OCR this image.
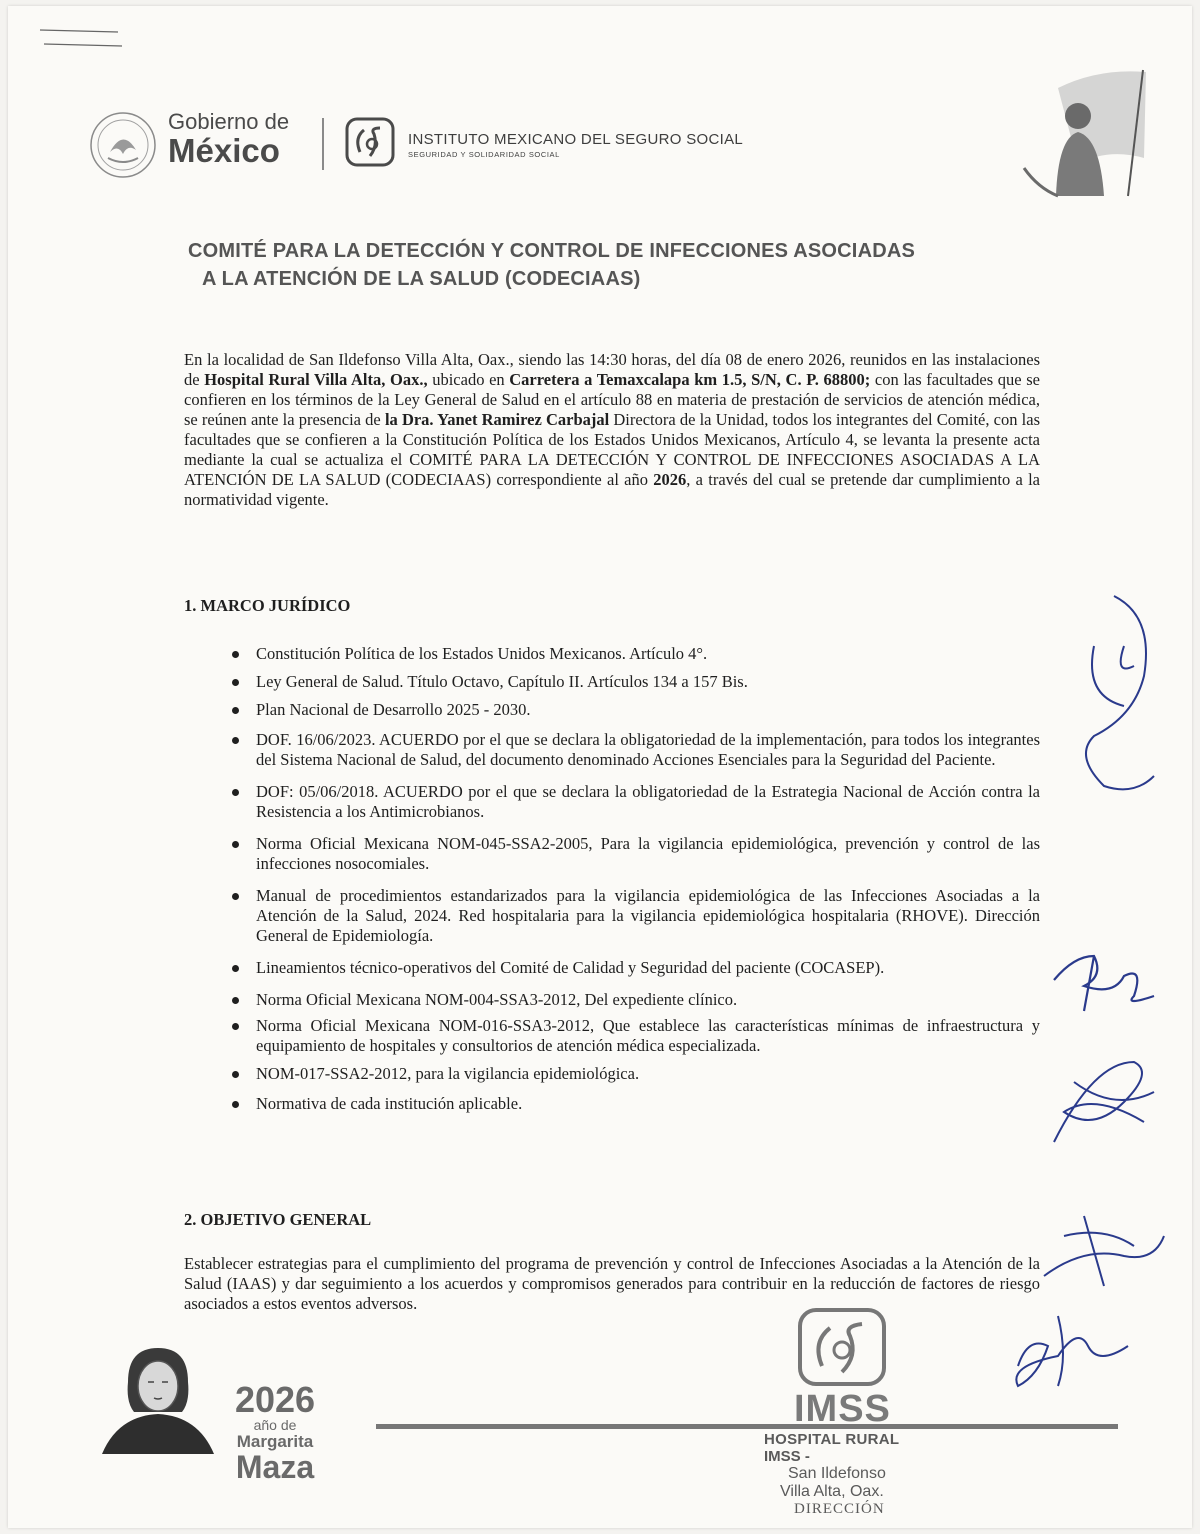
Gobierno de
México	INSTITUTO MEXICANO DEL SEGURO SOCIAL
SEGURIDAD Y SOLIDARIDAD SOCIAL
COMITÉ PARA LA DETECCIÓN Y CONTROL DE INFECCIONES ASOCIADAS
A LA ATENCIÓN DE LA SALUD (CODECIAAS)
En la localidad de San Ildefonso Villa Alta, Oax., siendo las 14:30 horas, del día 08 de enero 2026, reunidos en las instalaciones de Hospital Rural Villa Alta, Oax., ubicado en Carretera a Temaxcalapa km 1.5, S/N, C. P. 68800; con las facultades que se confieren en los términos de la Ley General de Salud en el artículo 88 en materia de prestación de servicios de atención médica, se reúnen ante la presencia de la Dra. Yanet Ramirez Carbajal Directora de la Unidad, todos los integrantes del Comité, con las facultades que se confieren a la Constitución Política de los Estados Unidos Mexicanos, Artículo 4, se levanta la presente acta mediante la cual se actualiza el COMITÉ PARA LA DETECCIÓN Y CONTROL DE INFECCIONES ASOCIADAS A LA ATENCIÓN DE LA SALUD (CODECIAAS) correspondiente al año 2026, a través del cual se pretende dar cumplimiento a la normatividad vigente.
1. MARCO JURÍDICO
Constitución Política de los Estados Unidos Mexicanos. Artículo 4°.
Ley General de Salud. Título Octavo, Capítulo II. Artículos 134 a 157 Bis.
Plan Nacional de Desarrollo 2025 - 2030.
DOF. 16/06/2023. ACUERDO por el que se declara la obligatoriedad de la implementación, para todos los integrantes del Sistema Nacional de Salud, del documento denominado Acciones Esenciales para la Seguridad del Paciente.
DOF: 05/06/2018. ACUERDO por el que se declara la obligatoriedad de la Estrategia Nacional de Acción contra la Resistencia a los Antimicrobianos.
Norma Oficial Mexicana NOM-045-SSA2-2005, Para la vigilancia epidemiológica, prevención y control de las infecciones nosocomiales.
Manual de procedimientos estandarizados para la vigilancia epidemiológica de las Infecciones Asociadas a la Atención de la Salud, 2024. Red hospitalaria para la vigilancia epidemiológica hospitalaria (RHOVE). Dirección General de Epidemiología.
Lineamientos técnico-operativos del Comité de Calidad y Seguridad del paciente (COCASEP).
Norma Oficial Mexicana NOM-004-SSA3-2012, Del expediente clínico.
Norma Oficial Mexicana NOM-016-SSA3-2012, Que establece las características mínimas de infraestructura y equipamiento de hospitales y consultorios de atención médica especializada.
NOM-017-SSA2-2012, para la vigilancia epidemiológica.
Normativa de cada institución aplicable.
2. OBJETIVO GENERAL
Establecer estrategias para el cumplimiento del programa de prevención y control de Infecciones Asociadas a la Atención de la Salud (IAAS) y dar seguimiento a los acuerdos y compromisos generados para contribuir en la reducción de factores de riesgo asociados a estos eventos adversos.
2026
año de
Margarita
Maza
IMSS
HOSPITAL RURAL
IMSS -
San Ildefonso
Villa Alta, Oax.
DIRECCIÓN
